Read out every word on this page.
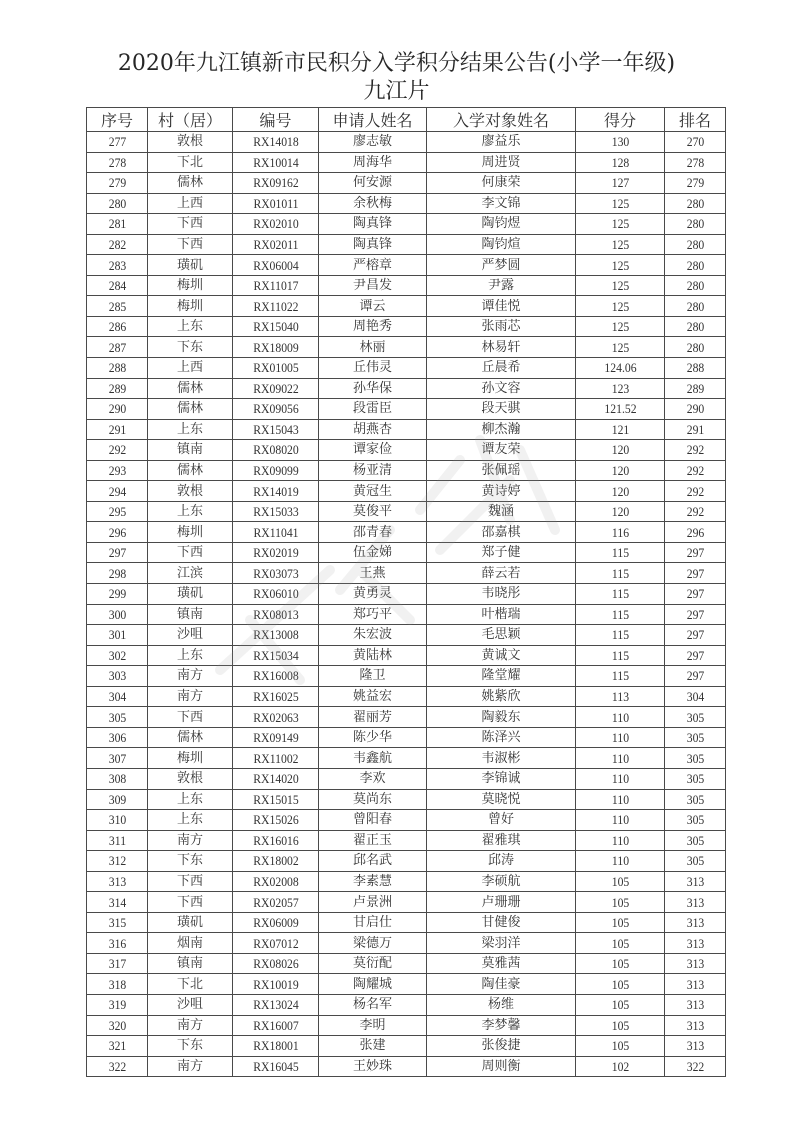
2020年九江镇新市民积分入学积分结果公告(小学一年级)
九江片
序号	村（居）	编号	申请人姓名	入学对象姓名	得分	排名
277	敦根	RX14018	廖志敏	廖益乐	130	270
278	下北	RX10014	周海华	周进贤	128	278
279	儒林	RX09162	何安源	何康荣	127	279
280	上西	RX01011	余秋梅	李文锦	125	280
281	下西	RX02010	陶真锋	陶钧煜	125	280
282	下西	RX02011	陶真锋	陶钧煊	125	280
283	璜矶	RX06004	严榕章	严梦圆	125	280
284	梅圳	RX11017	尹昌发	尹露	125	280
285	梅圳	RX11022	谭云	谭佳悦	125	280
286	上东	RX15040	周艳秀	张雨芯	125	280
287	下东	RX18009	林丽	林易轩	125	280
288	上西	RX01005	丘伟灵	丘晨希	124.06	288
289	儒林	RX09022	孙华保	孙文容	123	289
290	儒林	RX09056	段雷臣	段天骐	121.52	290
291	上东	RX15043	胡燕杏	柳杰瀚	121	291
292	镇南	RX08020	谭家俭	谭友荣	120	292
293	儒林	RX09099	杨亚清	张佩瑶	120	292
294	敦根	RX14019	黄冠生	黄诗婷	120	292
295	上东	RX15033	莫俊平	魏涵	120	292
296	梅圳	RX11041	邵青春	邵嘉棋	116	296
297	下西	RX02019	伍金娣	郑子健	115	297
298	江滨	RX03073	王燕	薛云若	115	297
299	璜矶	RX06010	黄勇灵	韦晓彤	115	297
300	镇南	RX08013	郑巧平	叶楷瑞	115	297
301	沙咀	RX13008	朱宏波	毛思颖	115	297
302	上东	RX15034	黄陆林	黄诚文	115	297
303	南方	RX16008	隆卫	隆堂耀	115	297
304	南方	RX16025	姚益宏	姚紫欣	113	304
305	下西	RX02063	翟丽芳	陶毅东	110	305
306	儒林	RX09149	陈少华	陈泽兴	110	305
307	梅圳	RX11002	韦鑫航	韦淑彬	110	305
308	敦根	RX14020	李欢	李锦诚	110	305
309	上东	RX15015	莫尚东	莫晓悦	110	305
310	上东	RX15026	曾阳春	曾好	110	305
311	南方	RX16016	翟正玉	翟雅琪	110	305
312	下东	RX18002	邱名武	邱涛	110	305
313	下西	RX02008	李素慧	李硕航	105	313
314	下西	RX02057	卢景洲	卢珊珊	105	313
315	璜矶	RX06009	甘启仕	甘健俊	105	313
316	烟南	RX07012	梁德万	梁羽洋	105	313
317	镇南	RX08026	莫衍配	莫雅茜	105	313
318	下北	RX10019	陶耀城	陶佳豪	105	313
319	沙咀	RX13024	杨名军	杨维	105	313
320	南方	RX16007	李明	李梦馨	105	313
321	下东	RX18001	张建	张俊捷	105	313
322	南方	RX16045	王妙珠	周则衡	102	322
